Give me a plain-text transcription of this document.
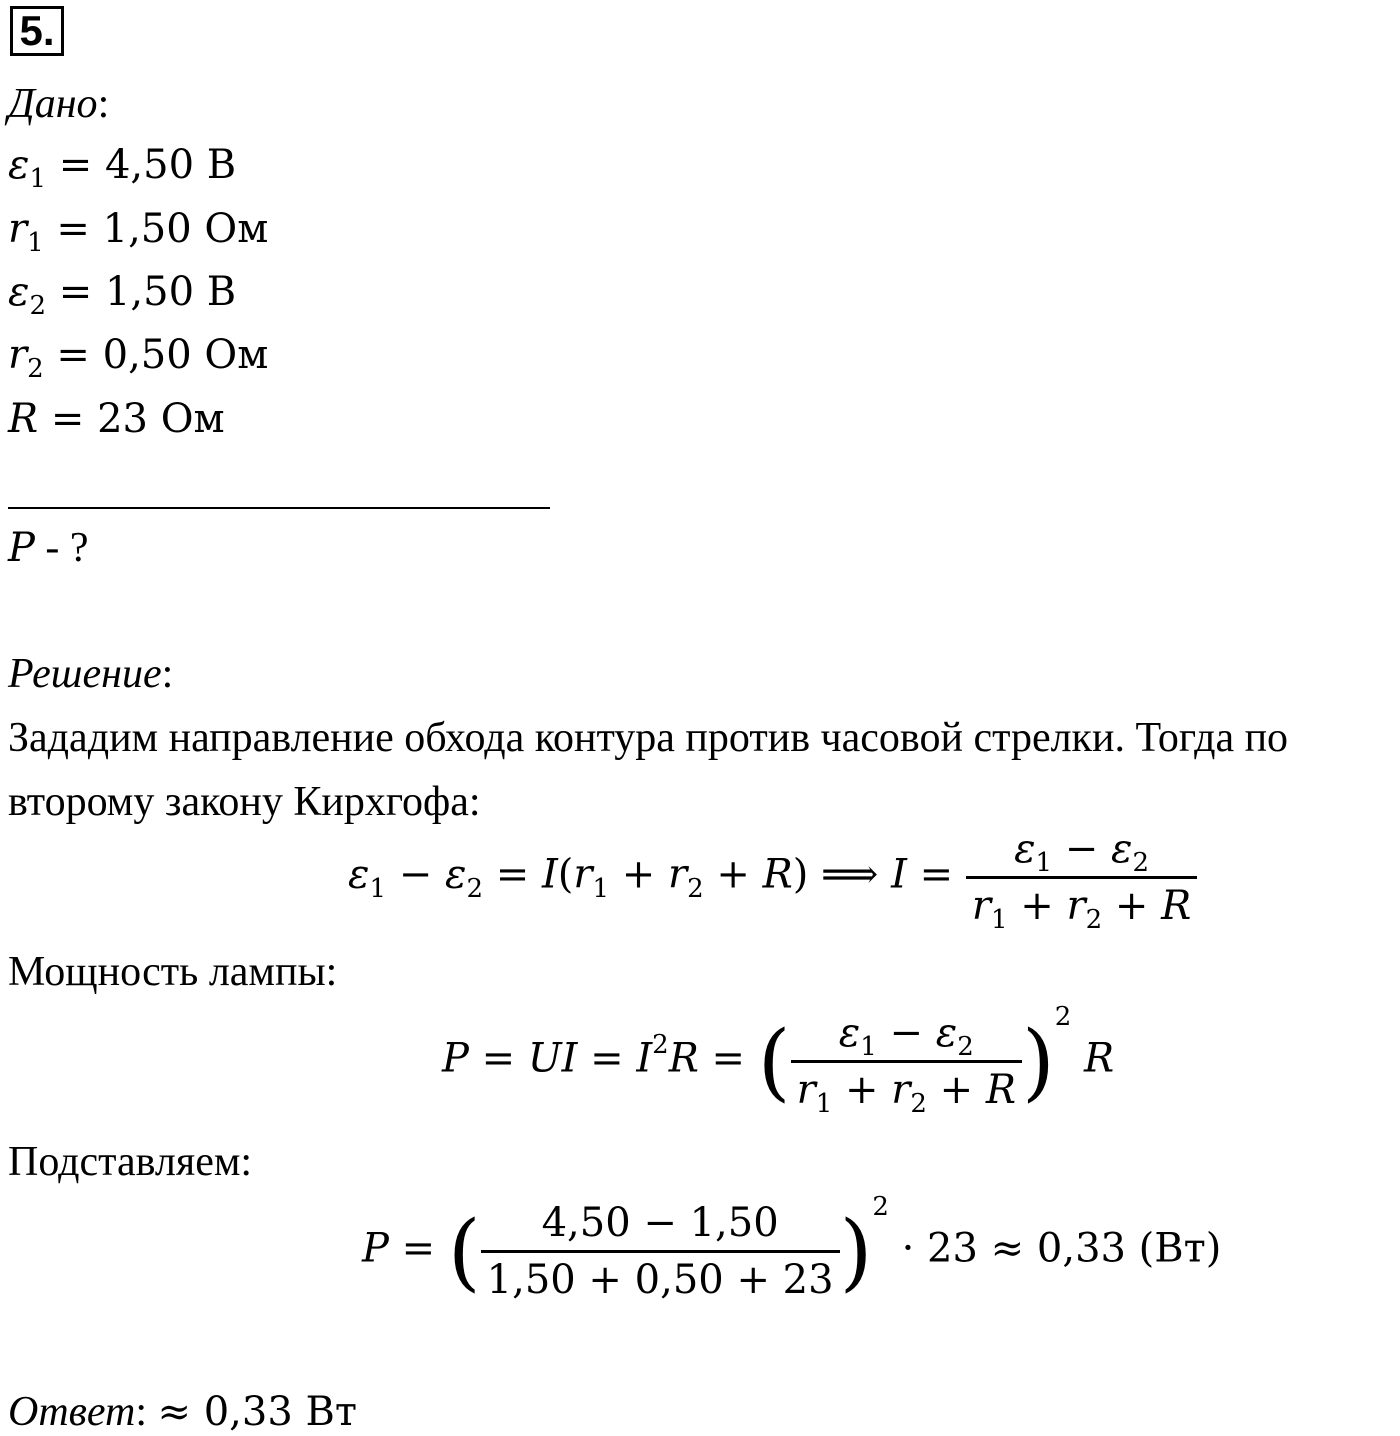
5.
Дано:
$\varepsilon_1 = 4,50$ В
$r_1 = 1,50$ Ом
$\varepsilon_2 = 1,50$ В
$r_2 = 0,50$ Ом
R = 23 Ом
P - ?
Решение:
Зададим направление обхода контура против часовой стрелки. Тогда по
второму закону Кирхгофа:
$\varepsilon_1 - \varepsilon_2 = I(r_1 + r_2 + R)$ ⟹ $I = \frac{\varepsilon_1 - \varepsilon_2}{r_1 + r_2 + R}$
Мощность лампы:
P = UI = $I^2R$ = ( $\frac{\varepsilon_1 - \varepsilon_2}{r_1 + r_2 + R} )^2$ R
Подставляем:
P = ( $\frac{4,50 - 1,50}{1,50 + 0,50 + 23} )^2 \cdot 23 \approx 0,33$ (Вт)
Ответ: ≈ 0,33 Вт
